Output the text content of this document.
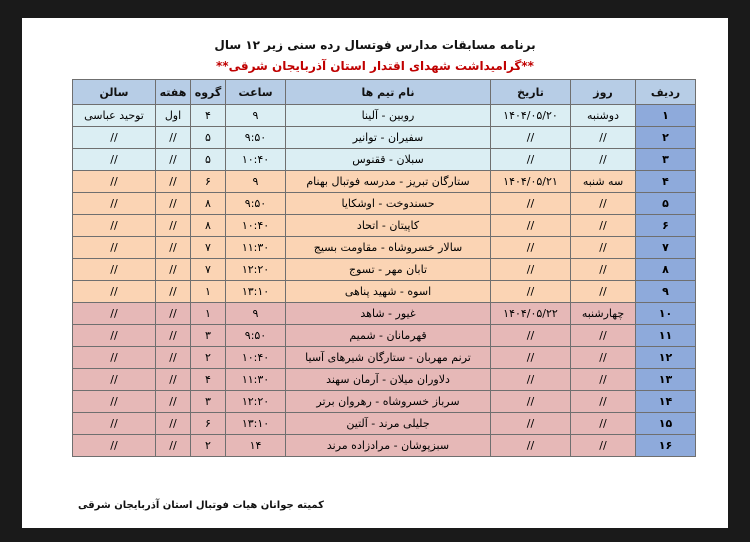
برنامه مسابقات مدارس فوتسال رده سنی زیر ۱۲ سال
**گرامیداشت شهدای اقتدار استان آذربایجان شرقی**
ردیف	روز	تاریخ	نام تیم ها	ساعت	گروه	هفته	سالن
۱	دوشنبه	۱۴۰۴/۰۵/۲۰	روبین - آلینا	۹	۴	اول	توحید عباسی
۲	//	//	سفیران - توانیر	۹:۵۰	۵	//	//
۳	//	//	سبلان - ققنوس	۱۰:۴۰	۵	//	//
۴	سه شنبه	۱۴۰۴/۰۵/۲۱	ستارگان تبریز - مدرسه فوتبال بهنام	۹	۶	//	//
۵	//	//	حسندوخت - اوشکایا	۹:۵۰	۸	//	//
۶	//	//	کاپیتان - اتحاد	۱۰:۴۰	۸	//	//
۷	//	//	سالار خسروشاه - مقاومت بسیج	۱۱:۳۰	۷	//	//
۸	//	//	تابان مهر - تسوج	۱۲:۲۰	۷	//	//
۹	//	//	اسوه - شهید پناهی	۱۳:۱۰	۱	//	//
۱۰	چهارشنبه	۱۴۰۴/۰۵/۲۲	غیور - شاهد	۹	۱	//	//
۱۱	//	//	قهرمانان - شمیم	۹:۵۰	۳	//	//
۱۲	//	//	ترنم مهربان - ستارگان شیرهای آسیا	۱۰:۴۰	۲	//	//
۱۳	//	//	دلاوران میلان - آرمان سهند	۱۱:۳۰	۴	//	//
۱۴	//	//	سرباز خسروشاه - رهروان برتر	۱۲:۲۰	۳	//	//
۱۵	//	//	جلیلی مرند - آلتین	۱۳:۱۰	۶	//	//
۱۶	//	//	سبزپوشان - مرادزاده مرند	۱۴	۲	//	//
کمیته جوانان هیات فوتبال استان آذربایجان شرقی
